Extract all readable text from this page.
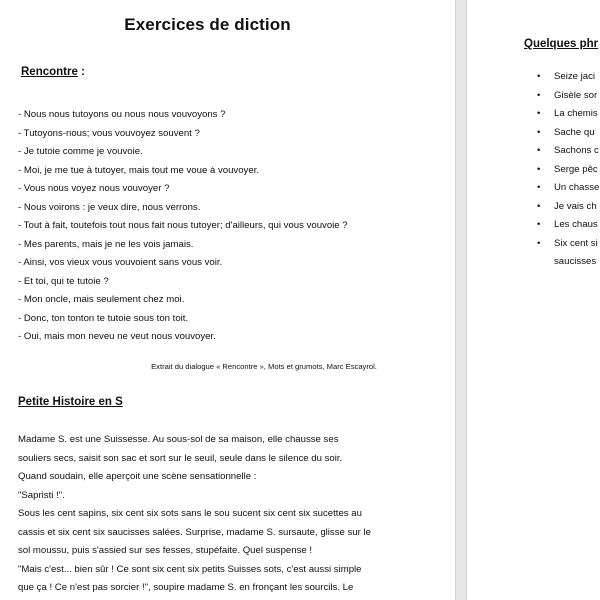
Exercices de diction
Rencontre :
- Nous nous tutoyons ou nous nous vouvoyons ?
- Tutoyons-nous; vous vouvoyez souvent ?
- Je tutoie comme je vouvoie.
- Moi, je me tue à tutoyer, mais tout me voue à vouvoyer.
- Vous nous voyez nous vouvoyer ?
- Nous voirons : je veux dire, nous verrons.
- Tout à fait, toutefois tout nous fait nous tutoyer; d'ailleurs, qui vous vouvoie ?
- Mes parents, mais je ne les vois jamais.
- Ainsi, vos vieux vous vouvoient sans vous voir.
- Et toi, qui te tutoie ?
- Mon oncle, mais seulement chez moi.
- Donc, ton tonton te tutoie sous ton toit.
- Oui, mais mon neveu ne veut nous vouvoyer.
Extrait du dialogue « Rencontre », Mots et grumots, Marc Escayrol.
Petite Histoire en S
Madame S. est une Suissesse. Au sous-sol de sa maison, elle chausse ses
souliers secs, saisit son sac et sort sur le seuil, seule dans le silence du soir.
Quand soudain, elle aperçoit une scène sensationnelle :
"Sapristi !".
Sous les cent sapins, six cent six sots sans le sou sucent six cent six sucettes au
cassis et six cent six saucisses salées. Surprise, madame S. sursaute, glisse sur le
sol moussu, puis s'assied sur ses fesses, stupéfaite. Quel suspense !
"Mais c'est... bien sûr ! Ce sont six cent six petits Suisses sots, c'est aussi simple
que ça ! Ce n'est pas sorcier !", soupire madame S. en fronçant les sourcils. Le
Quelques phr
• Seize jaci
• Gisèle sor
• La chemis
• Sache qu
• Sachons c
• Serge pêc
• Un chasse
• Je vais ch
• Les chaus
• Six cent si
saucisses
